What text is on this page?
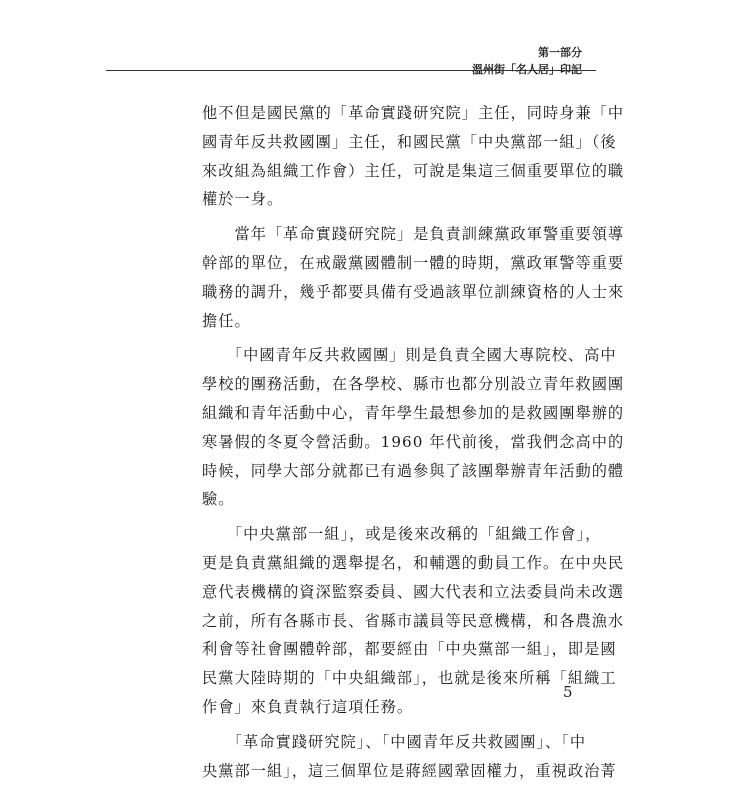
第一部分
溫州街「名人居」印記
他不但是國民黨的「革命實踐研究院」主任，同時身兼「中
國青年反共救國團」主任，和國民黨「中央黨部一組」（後
來改組為組織工作會）主任，可說是集這三個重要單位的職
權於一身。
　　當年「革命實踐研究院」是負責訓練黨政軍警重要領導
幹部的單位，在戒嚴黨國體制一體的時期，黨政軍警等重要
職務的調升，幾乎都要具備有受過該單位訓練資格的人士來
擔任。
　　「中國青年反共救國團」則是負責全國大專院校、高中
學校的團務活動，在各學校、縣市也都分別設立青年救國團
組織和青年活動中心，青年學生最想參加的是救國團舉辦的
寒暑假的冬夏令營活動。1960 年代前後，當我們念高中的
時候，同學大部分就都已有過參與了該團舉辦青年活動的體
驗。
　　「中央黨部一組」，或是後來改稱的「組織工作會」，
更是負責黨組織的選舉提名，和輔選的動員工作。在中央民
意代表機構的資深監察委員、國大代表和立法委員尚未改選
之前，所有各縣市長、省縣市議員等民意機構，和各農漁水
利會等社會團體幹部，都要經由「中央黨部一組」，即是國
民黨大陸時期的「中央組織部」，也就是後來所稱「組織工
作會」來負責執行這項任務。
　　「革命實踐研究院」、「中國青年反共救國團」、「中
央黨部一組」，這三個單位是蔣經國鞏固權力，重視政治菁
5
